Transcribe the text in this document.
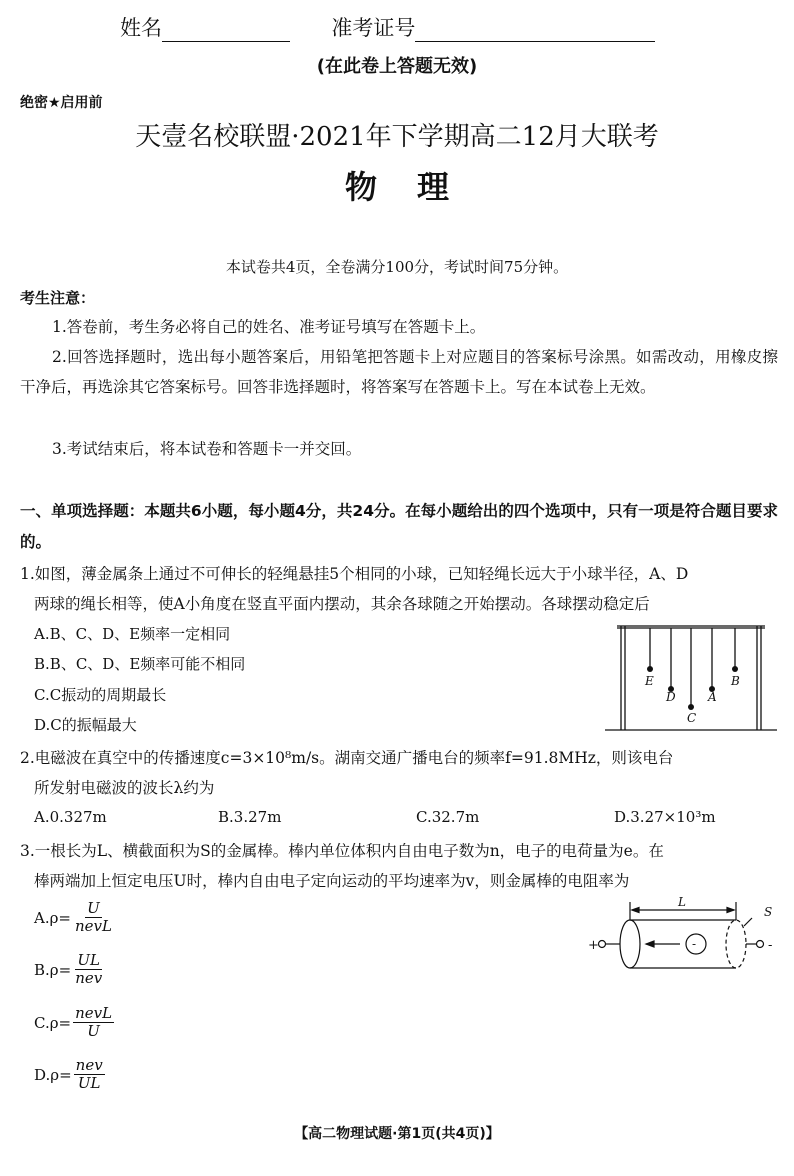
姓名	准考证号
(在此卷上答题无效)
绝密★启用前
天壹名校联盟·2021年下学期高二12月大联考
物理
本试卷共4页，全卷满分100分，考试时间75分钟。
考生注意：
1.答卷前，考生务必将自己的姓名、准考证号填写在答题卡上。
2.回答选择题时，选出每小题答案后，用铅笔把答题卡上对应题目的答案标号涂黑。如需改动，用橡皮擦干净后，再选涂其它答案标号。回答非选择题时，将答案写在答题卡上。写在本试卷上无效。
3.考试结束后，将本试卷和答题卡一并交回。
一、单项选择题：本题共6小题，每小题4分，共24分。在每小题给出的四个选项中，只有一项是符合题目要求的。
1.如图，薄金属条上通过不可伸长的轻绳悬挂5个相同的小球，已知轻绳长远大于小球半径，A、D
两球的绳长相等，使A小角度在竖直平面内摆动，其余各球随之开始摆动。各球摆动稳定后
A.B、C、D、E频率一定相同
B.B、C、D、E频率可能不相同
C.C振动的周期最长
D.C的振幅最大
E
D
C
A
B
2.电磁波在真空中的传播速度c=3×10⁸m/s。湖南交通广播电台的频率f=91.8MHz，则该电台
所发射电磁波的波长λ约为
A.0.327m	B.3.27m	C.32.7m	D.3.27×10³m
3.一根长为L、横截面积为S的金属棒。棒内单位体积内自由电子数为n，电子的电荷量为e。在
棒两端加上恒定电压U时，棒内自由电子定向运动的平均速率为v，则金属棒的电阻率为
A.ρ=
U
nevL
B.ρ=
UL
nev
C.ρ=
nevL
U
D.ρ=
nev
UL
L
S
+	-
-
【高二物理试题·第1页(共4页)】
